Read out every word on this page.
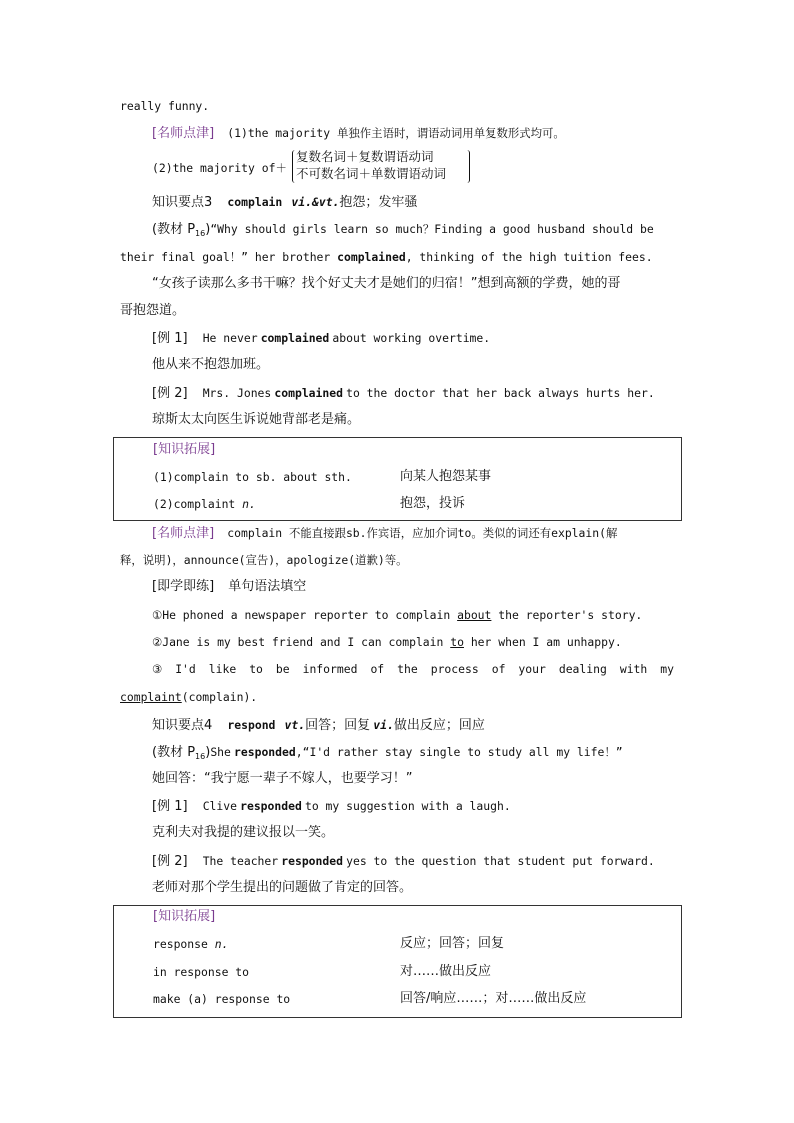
really funny.
[名师点津] (1)the majority 单独作主语时，谓语动词用单复数形式均可。
(2)the majority of＋
复数名词＋复数谓语动词
不可数名词＋单数谓语动词
知识要点3 complain vi.&vt.抱怨；发牢骚
(教材 $P_{16})“Why$ should girls learn so much？Finding a good husband should be
their final goal！” her brother complained, thinking of the high tuition fees.
“女孩子读那么多书干嘛？找个好丈夫才是她们的归宿！”想到高额的学费，她的哥
哥抱怨道。
[例 1] He never complained about working overtime.
他从来不抱怨加班。
[例 2] Mrs. Jones complained to the doctor that her back always hurts her.
琼斯太太向医生诉说她背部老是痛。
[知识拓展]
(1)complain to sb. about sth.	向某人抱怨某事
(2)complaint n.	抱怨，投诉
[名师点津] complain 不能直接跟sb.作宾语，应加介词to。类似的词还有explain(解
释，说明)，announce(宣告)，apologize(道歉)等。
[即学即练] 单句语法填空
①He phoned a newspaper reporter to complain about the reporter's story.
②Jane is my best friend and I can complain to her when I am unhappy.
③ I'd like to be informed of the process of your dealing with my
complaint(complain).
知识要点4 respond vt.回答；回复 vi.做出反应；回应
(教材 $P_{16})She$ responded,“I'd rather stay single to study all my life！”
她回答：“我宁愿一辈子不嫁人，也要学习！”
[例 1] Clive responded to my suggestion with a laugh.
克利夫对我提的建议报以一笑。
[例 2] The teacher responded yes to the question that student put forward.
老师对那个学生提出的问题做了肯定的回答。
[知识拓展]
response n.	反应；回答；回复
in response to	对……做出反应
make (a) response to	回答/响应……；对……做出反应
